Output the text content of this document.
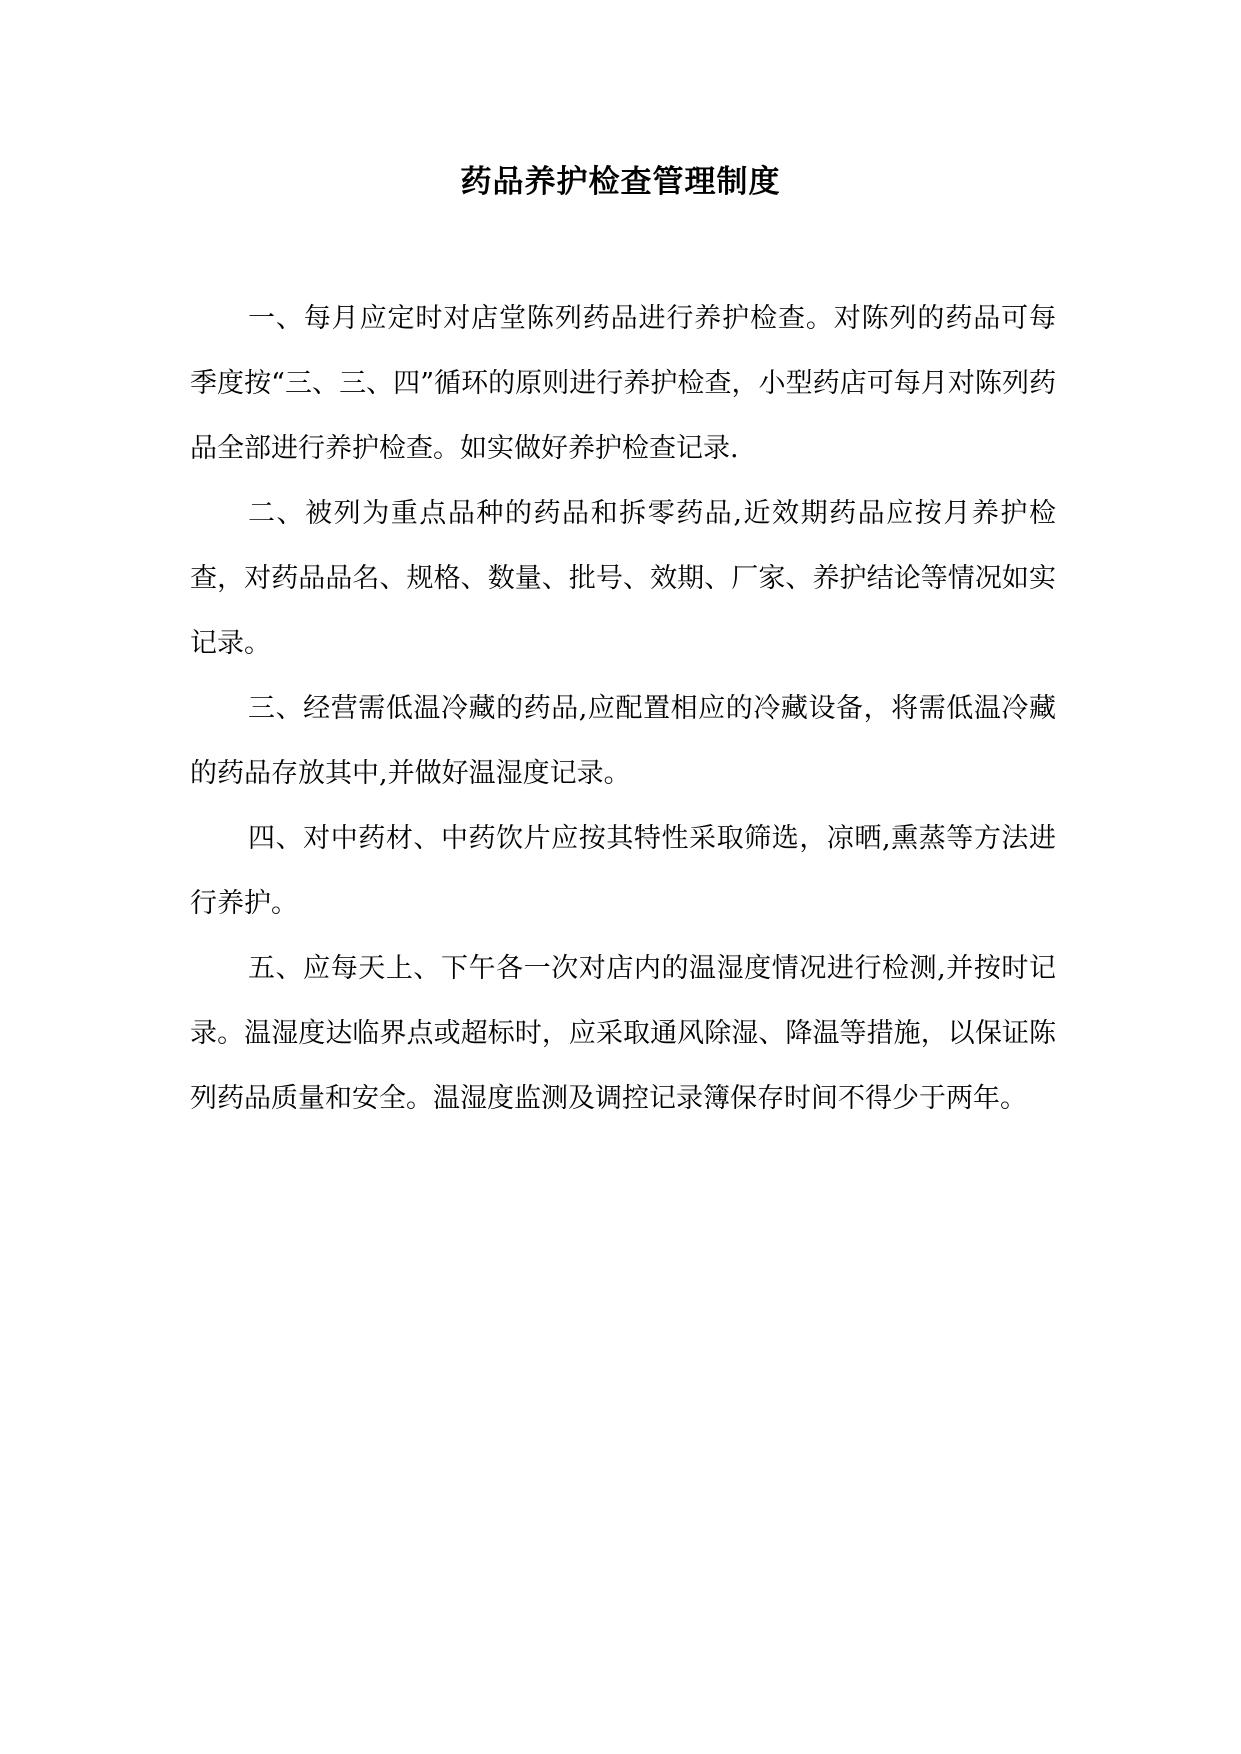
药品养护检查管理制度

一、每月应定时对店堂陈列药品进行养护检查。对陈列的药品可每季度按“三、三、四”循环的原则进行养护检查，小型药店可每月对陈列药品全部进行养护检查。如实做好养护检查记录.

二、被列为重点品种的药品和拆零药品,近效期药品应按月养护检查，对药品品名、规格、数量、批号、效期、厂家、养护结论等情况如实记录。

三、经营需低温冷藏的药品,应配置相应的冷藏设备，将需低温冷藏的药品存放其中,并做好温湿度记录。

四、对中药材、中药饮片应按其特性采取筛选，凉晒,熏蒸等方法进行养护。

五、应每天上、下午各一次对店内的温湿度情况进行检测,并按时记录。温湿度达临界点或超标时，应采取通风除湿、降温等措施，以保证陈列药品质量和安全。温湿度监测及调控记录簿保存时间不得少于两年。
